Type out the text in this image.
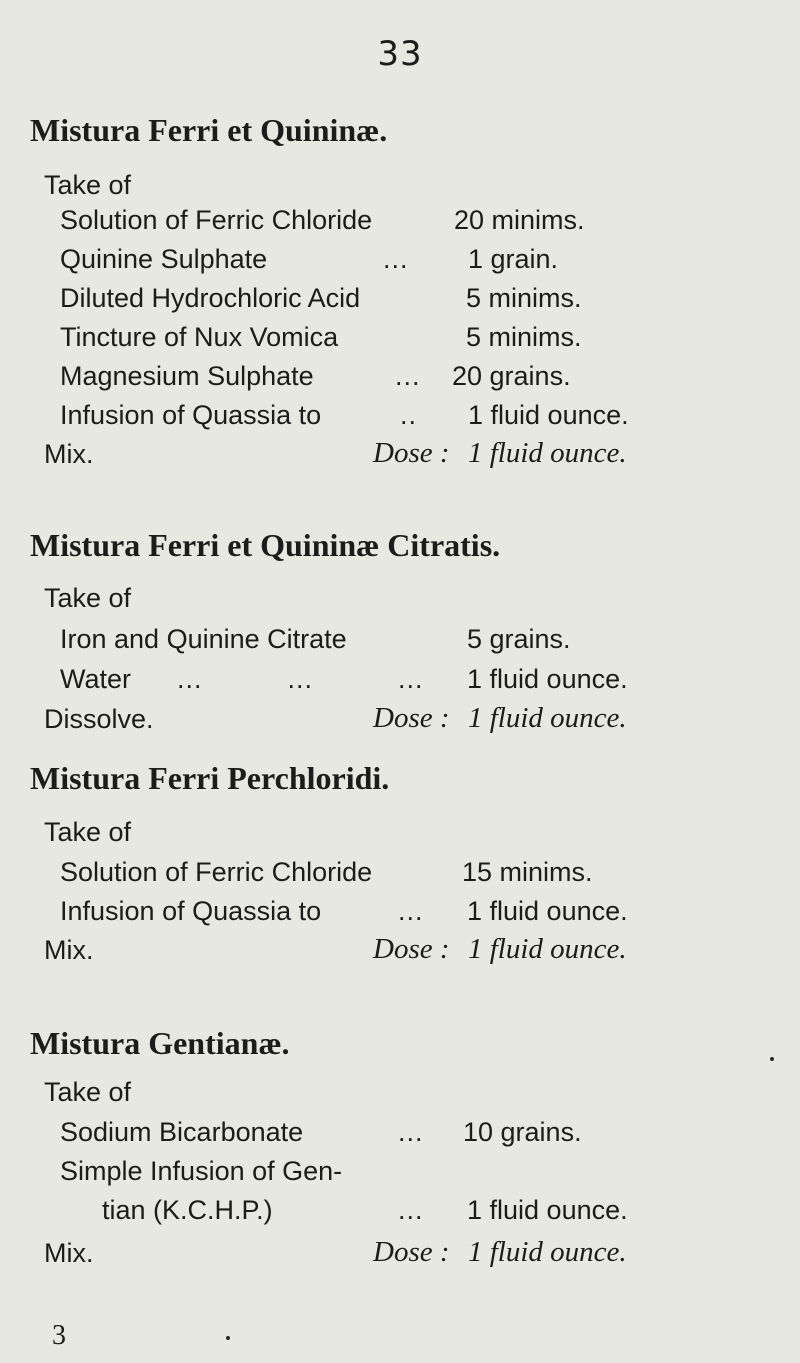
33
Mistura Ferri et Quininæ.
Take of
Solution of Ferric Chloride	20 minims.
Quinine Sulphate	... 1 grain.
Diluted Hydrochloric Acid	5 minims.
Tincture of Nux Vomica	5 minims.
Magnesium Sulphate	... 20 grains.
Infusion of Quassia to	.. 1 fluid ounce.
Mix.	Dose : 1 fluid ounce.
Mistura Ferri et Quininæ Citratis.
Take of
Iron and Quinine Citrate	5 grains.
Water ...          ...          ... 1 fluid ounce.
Dissolve.	Dose : 1 fluid ounce.
Mistura Ferri Perchloridi.
Take of
Solution of Ferric Chloride	15 minims.
Infusion of Quassia to	... 1 fluid ounce.
Mix.	Dose : 1 fluid ounce.
Mistura Gentianæ.
Take of
Sodium Bicarbonate	... 10 grains.
Simple Infusion of Gen-
tian (K.C.H.P.)	... 1 fluid ounce.
Mix.	Dose : 1 fluid ounce.
3
